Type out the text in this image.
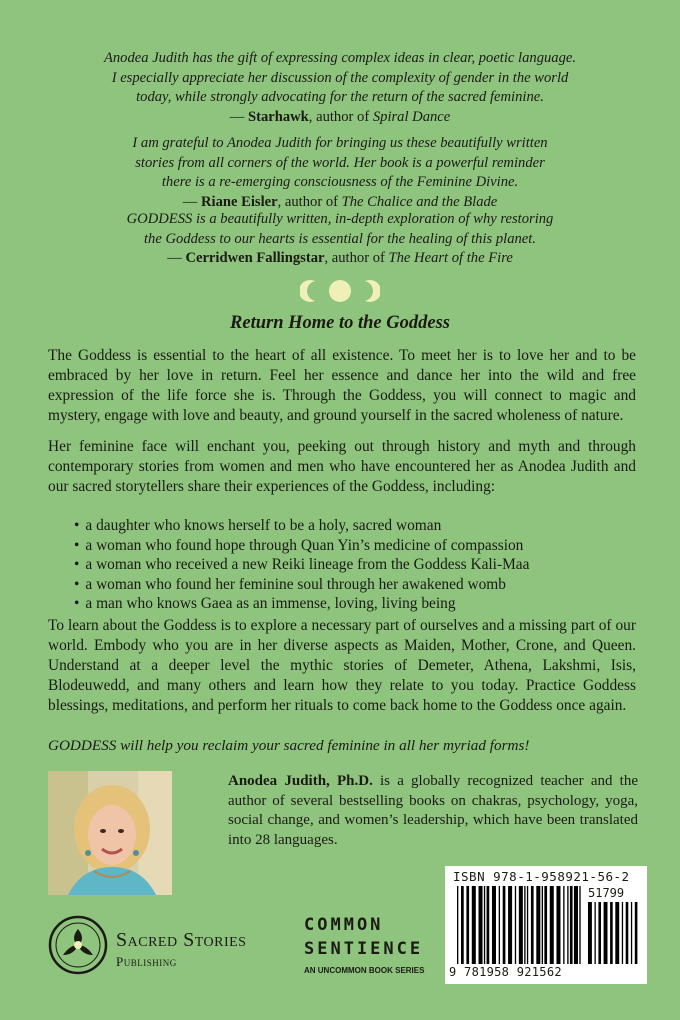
Anodea Judith has the gift of expressing complex ideas in clear, poetic language.
I especially appreciate her discussion of the complexity of gender in the world
today, while strongly advocating for the return of the sacred feminine.
— Starhawk, author of Spiral Dance
I am grateful to Anodea Judith for bringing us these beautifully written
stories from all corners of the world. Her book is a powerful reminder
there is a re-emerging consciousness of the Feminine Divine.
— Riane Eisler, author of The Chalice and the Blade
GODDESS is a beautifully written, in-depth exploration of why restoring
the Goddess to our hearts is essential for the healing of this planet.
— Cerridwen Fallingstar, author of The Heart of the Fire
Return Home to the Goddess
The Goddess is essential to the heart of all existence. To meet her is to love her and to be embraced by her love in return. Feel her essence and dance her into the wild and free expression of the life force she is. Through the Goddess, you will connect to magic and mystery, engage with love and beauty, and ground yourself in the sacred wholeness of nature.
Her feminine face will enchant you, peeking out through history and myth and through contemporary stories from women and men who have encountered her as Anodea Judith and our sacred storytellers share their experiences of the Goddess, including:
• a daughter who knows herself to be a holy, sacred woman
• a woman who found hope through Quan Yin’s medicine of compassion
• a woman who received a new Reiki lineage from the Goddess Kali-Maa
• a woman who found her feminine soul through her awakened womb
• a man who knows Gaea as an immense, loving, living being
To learn about the Goddess is to explore a necessary part of ourselves and a missing part of our world. Embody who you are in her diverse aspects as Maiden, Mother, Crone, and Queen. Understand at a deeper level the mythic stories of Demeter, Athena, Lakshmi, Isis, Blodeuwedd, and many others and learn how they relate to you today. Practice Goddess blessings, meditations, and perform her rituals to come back home to the Goddess once again.
GODDESS will help you reclaim your sacred feminine in all her myriad forms!
Anodea Judith, Ph.D. is a globally recognized teacher and the author of several bestselling books on chakras, psychology, yoga, social change, and women’s leadership, which have been translated into 28 languages.
ISBN 978-1-958921-56-2
51799
9 781958 921562
Sacred Stories
Publishing
COMMON
SENTIENCE
AN UNCOMMON BOOK SERIES
